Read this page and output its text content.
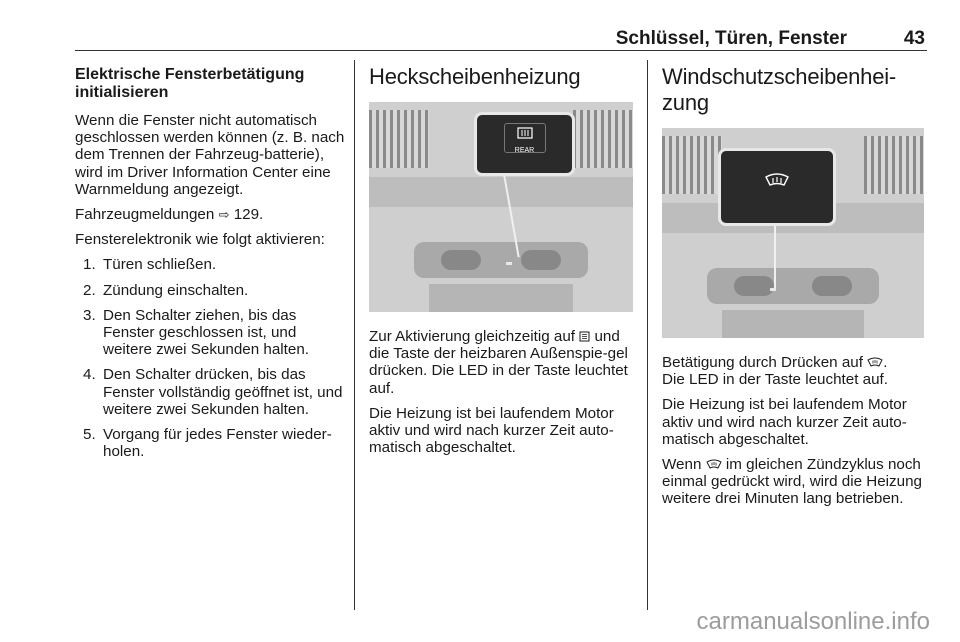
Schlüssel, Türen, Fenster	43
Elektrische Fensterbetätigung
initialisieren

Wenn die Fenster nicht automatisch geschlossen werden können (z. B. nach dem Trennen der Fahrzeug-batterie), wird im Driver Information Center eine Warnmeldung angezeigt.

Fahrzeugmeldungen ⇨ 129.

Fensterelektronik wie folgt aktivieren:

1. Türen schließen.
2. Zündung einschalten.
3. Den Schalter ziehen, bis das Fenster geschlossen ist, und weitere zwei Sekunden halten.
4. Den Schalter drücken, bis das Fenster vollständig geöffnet ist, und weitere zwei Sekunden halten.
5. Vorgang für jedes Fenster wieder-holen.
Heckscheibenheizung
REAR

Zur Aktivierung gleichzeitig auf und die Taste der heizbaren Außenspie-gel drücken. Die LED in der Taste leuchtet auf.

Die Heizung ist bei laufendem Motor aktiv und wird nach kurzer Zeit auto-matisch abgeschaltet.

Windschutzscheibenhei-
zung

Betätigung durch Drücken auf .
Die LED in der Taste leuchtet auf.

Die Heizung ist bei laufendem Motor aktiv und wird nach kurzer Zeit auto-matisch abgeschaltet.

Wenn im gleichen Zündzyklus noch einmal gedrückt wird, wird die Heizung weitere drei Minuten lang betrieben.

carmanualsonline.info
